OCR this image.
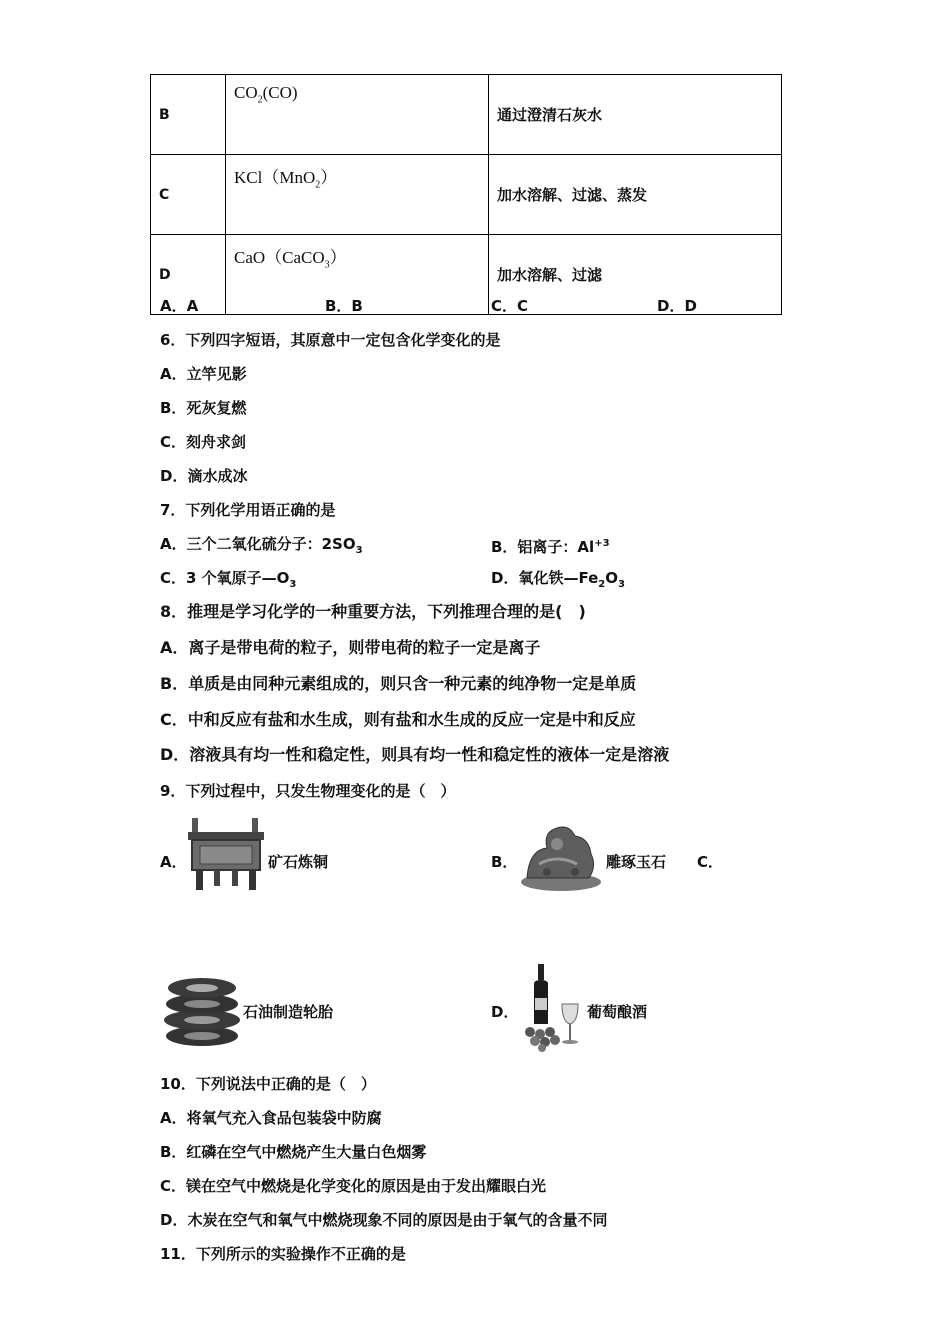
B	$CO_2(CO)$	通过澄清石灰水
C	KCl（MnO$_2$）	加水溶解、过滤、蒸发
D	CaO（CaCO$_3$）	加水溶解、过滤
A．A	B．B	C．C	D．D
6．下列四字短语，其原意中一定包含化学变化的是
A．立竿见影
B．死灰复燃
C．刻舟求剑
D．滴水成冰
7．下列化学用语正确的是
A．三个二氧化硫分子：$2SO_3$	B．铝离子：$Al^{+3}$
C．3 个氧原子$—O_3$	D．氧化铁$—Fe_2O_3$
8．推理是学习化学的一种重要方法，下列推理合理的是(　)
A．离子是带电荷的粒子，则带电荷的粒子一定是离子
B．单质是由同种元素组成的，则只含一种元素的纯净物一定是单质
C．中和反应有盐和水生成，则有盐和水生成的反应一定是中和反应
D．溶液具有均一性和稳定性，则具有均一性和稳定性的液体一定是溶液
9．下列过程中，只发生物理变化的是（　）
A．	矿石炼铜	B．	雕琢玉石 C．
石油制造轮胎	D．	葡萄酿酒
10．下列说法中正确的是（　）
A．将氧气充入食品包装袋中防腐
B．红磷在空气中燃烧产生大量白色烟雾
C．镁在空气中燃烧是化学变化的原因是由于发出耀眼白光
D．木炭在空气和氧气中燃烧现象不同的原因是由于氧气的含量不同
11．下列所示的实验操作不正确的是
